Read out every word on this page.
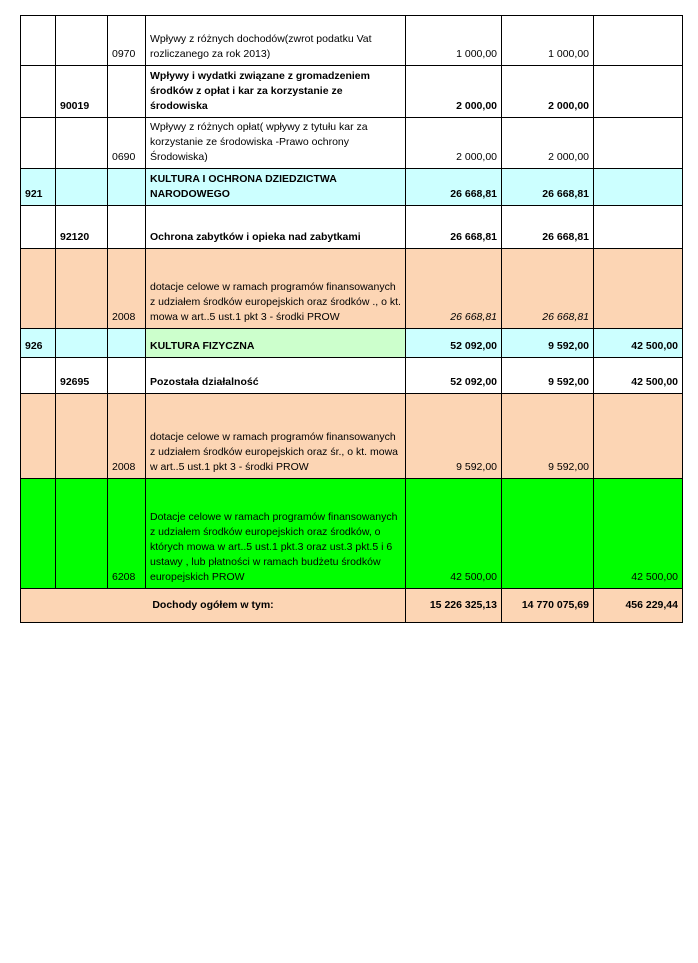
		0970	Wpływy z różnych dochodów(zwrot podatku Vat rozliczanego za rok 2013)	1 000,00	1 000,00	
	90019		Wpływy i wydatki związane z gromadzeniem środków z opłat i kar za korzystanie ze środowiska	2 000,00	2 000,00	
		0690	Wpływy z różnych opłat( wpływy z tytułu kar za korzystanie ze środowiska -Prawo ochrony Środowiska)	2 000,00	2 000,00	
921			KULTURA I OCHRONA DZIEDZICTWA NARODOWEGO	26 668,81	26 668,81	
	92120		Ochrona zabytków i opieka nad zabytkami	26 668,81	26 668,81	
		2008	dotacje celowe w ramach programów finansowanych z udziałem środków europejskich oraz środków ., o kt. mowa w art..5 ust.1 pkt 3 - środki PROW	26 668,81	26 668,81	
926			KULTURA FIZYCZNA	52 092,00	9 592,00	42 500,00
	92695		Pozostała działalność	52 092,00	9 592,00	42 500,00
		2008	dotacje celowe w ramach programów finansowanych z udziałem środków europejskich oraz śr., o kt. mowa w art..5 ust.1 pkt 3 - środki PROW	9 592,00	9 592,00	
		6208	Dotacje celowe w ramach programów finansowanych z udziałem środków europejskich oraz środków, o których mowa w art..5 ust.1 pkt.3 oraz ust.3 pkt.5 i 6 ustawy , lub płatności w ramach budżetu środków europejskich PROW	42 500,00		42 500,00
Dochody ogółem w tym:				15 226 325,13	14 770 075,69	456 229,44
